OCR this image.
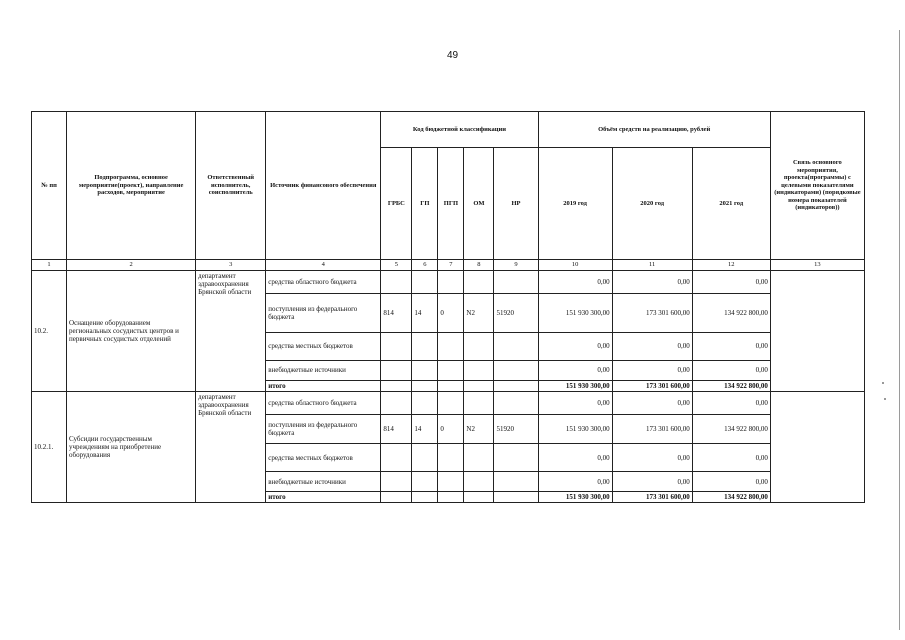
49
№ пп	Подпрограмма, основное мероприятие(проект), направление расходов, мероприятие	Ответственный исполнитель, соисполнитель	Источник финансового обеспечения	Код бюджетной классификации					Объём средств на реализацию, рублей			Связь основного мероприятия, проекта(программы) с целевыми показателями (индикаторами) (порядковые номера показателей (индикаторов))
				ГРБС	ГП	ПГП	ОМ	НР	2019 год	2020 год	2021 год	
1	2	3	4	5	6	7	8	9	10	11	12	13
10.2.	Оснащение оборудованием региональных сосудистых центров и первичных сосудистых отделений	департамент здравоохранения Брянской области	средства областного бюджета						0,00	0,00	0,00	
			поступления из федерального бюджета	814	14	0	N2	51920	151 930 300,00	173 301 600,00	134 922 800,00	
			средства местных бюджетов						0,00	0,00	0,00	
			внебюджетные источники						0,00	0,00	0,00	
			итого						151 930 300,00	173 301 600,00	134 922 800,00	
10.2.1.	Субсидии государственным учреждениям на приобретение оборудования	департамент здравоохранения Брянской области	средства областного бюджета						0,00	0,00	0,00	
			поступления из федерального бюджета	814	14	0	N2	51920	151 930 300,00	173 301 600,00	134 922 800,00	
			средства местных бюджетов						0,00	0,00	0,00	
			внебюджетные источники						0,00	0,00	0,00	
			итого						151 930 300,00	173 301 600,00	134 922 800,00	
